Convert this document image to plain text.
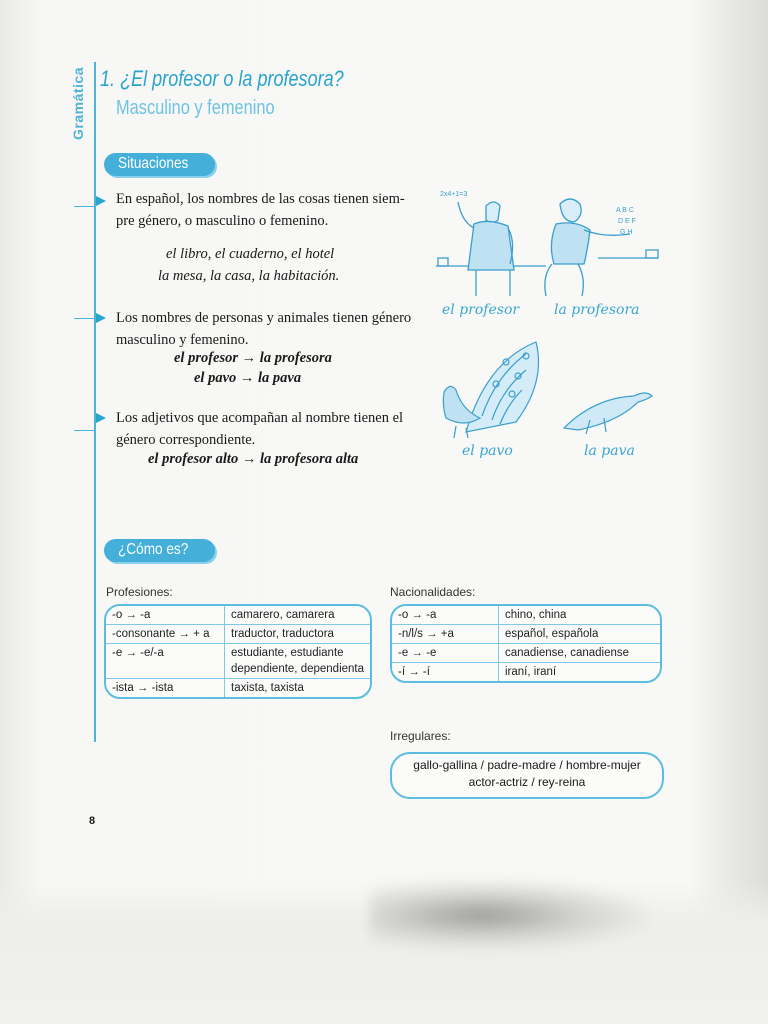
Gramática 1. ¿El profesor o la profesora?
Masculino y femenino
Situaciones
En español, los nombres de las cosas tienen siem-
pre género, o masculino o femenino.
el libro, el cuaderno, el hotel
la mesa, la casa, la habitación.
Los nombres de personas y animales tienen género
masculino y femenino.
el profesor → la profesora
el pavo → la pava
Los adjetivos que acompañan al nombre tienen el
género correspondiente.
el profesor alto → la profesora alta
2x4+1=3
A B C
D E F
G H
el profesor la profesora
el pavo	la pava
¿Cómo es?
Profesiones:
-o → -a	camarero, camarera
-consonante → + a	traductor, traductora
-e → -e/-a	estudiante, estudiante
dependiente, dependienta

-ista → -ista	taxista, taxista
Nacionalidades:
-o → -a	chino, china
-n/l/s → +a	español, española
-e → -e	canadiense, canadiense
-í → -í	iraní, iraní
Irregulares:
gallo-gallina / padre-madre / hombre-mujer
actor-actriz / rey-reina
8
